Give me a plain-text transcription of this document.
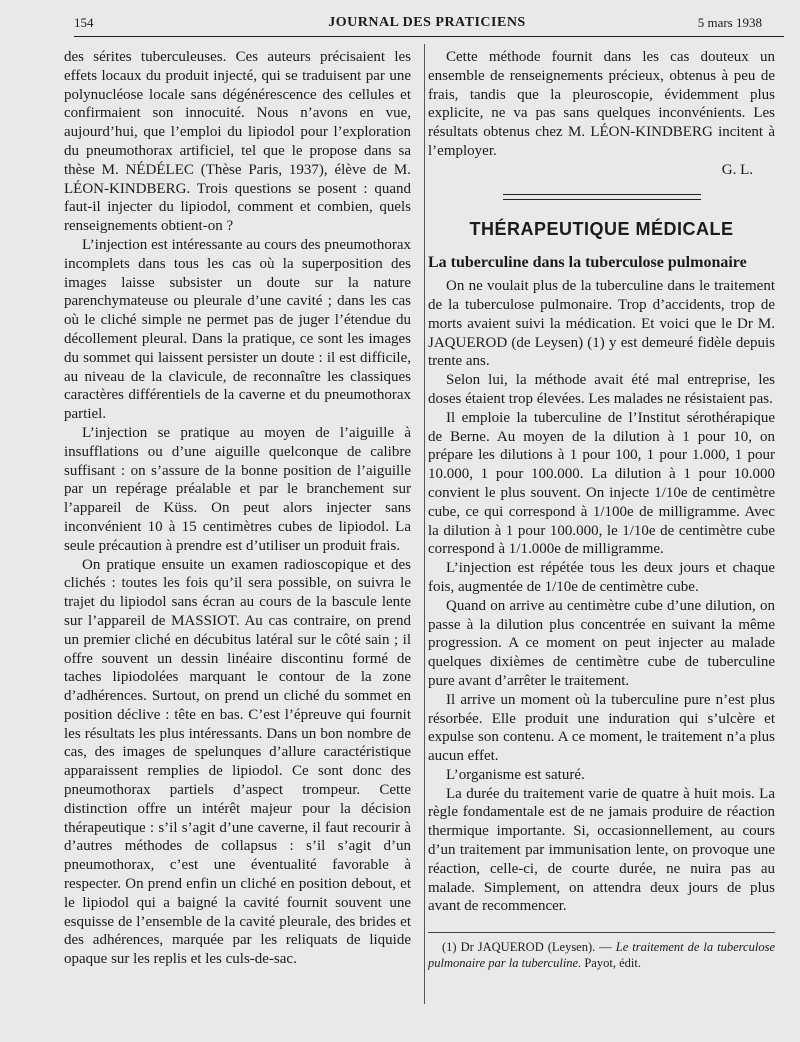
154	JOURNAL DES PRATICIENS	5 mars 1938

des sérites tuberculeuses. Ces auteurs précisaient les effets locaux du produit injecté, qui se traduisent par une polynucléose locale sans dégénérescence des cellules et confirmaient son innocuité. Nous n’avons en vue, aujourd’hui, que l’emploi du lipiodol pour l’exploration du pneumothorax artificiel, tel que le propose dans sa thèse M. NÉDÉLEC (Thèse Paris, 1937), élève de M. LÉON-KINDBERG. Trois questions se posent : quand faut-il injecter du lipiodol, comment et combien, quels renseignements obtient-on ?

L’injection est intéressante au cours des pneumothorax incomplets dans tous les cas où la superposition des images laisse subsister un doute sur la nature parenchymateuse ou pleurale d’une cavité ; dans les cas où le cliché simple ne permet pas de juger l’étendue du décollement pleural. Dans la pratique, ce sont les images du sommet qui laissent persister un doute : il est difficile, au niveau de la clavicule, de reconnaître les classiques caractères différentiels de la caverne et du pneumothorax partiel.

L’injection se pratique au moyen de l’aiguille à insufflations ou d’une aiguille quelconque de calibre suffisant : on s’assure de la bonne position de l’aiguille par un repérage préalable et par le branchement sur l’appareil de Küss. On peut alors injecter sans inconvénient 10 à 15 centimètres cubes de lipiodol. La seule précaution à prendre est d’utiliser un produit frais.

On pratique ensuite un examen radioscopique et des clichés : toutes les fois qu’il sera possible, on suivra le trajet du lipiodol sans écran au cours de la bascule lente sur l’appareil de MASSIOT. Au cas contraire, on prend un premier cliché en décubitus latéral sur le côté sain ; il offre souvent un dessin linéaire discontinu formé de taches lipiodolées marquant le contour de la zone d’adhérences. Surtout, on prend un cliché du sommet en position déclive : tête en bas. C’est l’épreuve qui fournit les résultats les plus intéressants. Dans un bon nombre de cas, des images de spelunques d’allure caractéristique apparaissent remplies de lipiodol. Ce sont donc des pneumothorax partiels d’aspect trompeur. Cette distinction offre un intérêt majeur pour la décision thérapeutique : s’il s’agit d’une caverne, il faut recourir à d’autres méthodes de collapsus : s’il s’agit d’un pneumothorax, c’est une éventualité favorable à respecter. On prend enfin un cliché en position debout, et le lipiodol qui a baigné la cavité fournit souvent une esquisse de l’ensemble de la cavité pleurale, des brides et des adhérences, marquée par les reliquats de liquide opaque sur les replis et les culs-de-sac.

Cette méthode fournit dans les cas douteux un ensemble de renseignements précieux, obtenus à peu de frais, tandis que la pleuroscopie, évidemment plus explicite, ne va pas sans quelques inconvénients. Les résultats obtenus chez M. LÉON-KINDBERG incitent à l’employer.

G. L.

THÉRAPEUTIQUE MÉDICALE
La tuberculine dans la tuberculose pulmonaire

On ne voulait plus de la tuberculine dans le traitement de la tuberculose pulmonaire. Trop d’accidents, trop de morts avaient suivi la médication. Et voici que le Dr M. JAQUEROD (de Leysen) (1) y est demeuré fidèle depuis trente ans.

Selon lui, la méthode avait été mal entreprise, les doses étaient trop élevées. Les malades ne résistaient pas.

Il emploie la tuberculine de l’Institut sérothérapique de Berne. Au moyen de la dilution à 1 pour 10, on prépare les dilutions à 1 pour 100, 1 pour 1.000, 1 pour 10.000, 1 pour 100.000. La dilution à 1 pour 10.000 convient le plus souvent. On injecte 1/10e de centimètre cube, ce qui correspond à 1/100e de milligramme. Avec la dilution à 1 pour 100.000, le 1/10e de centimètre cube correspond à 1/1.000e de milligramme.

L’injection est répétée tous les deux jours et chaque fois, augmentée de 1/10e de centimètre cube.

Quand on arrive au centimètre cube d’une dilution, on passe à la dilution plus concentrée en suivant la même progression. A ce moment on peut injecter au malade quelques dixièmes de centimètre cube de tuberculine pure avant d’arrêter le traitement.

Il arrive un moment où la tuberculine pure n’est plus résorbée. Elle produit une induration qui s’ulcère et expulse son contenu. A ce moment, le traitement n’a plus aucun effet.

L’organisme est saturé.

La durée du traitement varie de quatre à huit mois. La règle fondamentale est de ne jamais produire de réaction thermique importante. Si, occasionnellement, au cours d’un traitement par immunisation lente, on provoque une réaction, celle-ci, de courte durée, ne nuira pas au malade. Simplement, on attendra deux jours de plus avant de recommencer.

(1) Dr JAQUEROD (Leysen). — Le traitement de la tuberculose pulmonaire par la tuberculine. Payot, édit.
